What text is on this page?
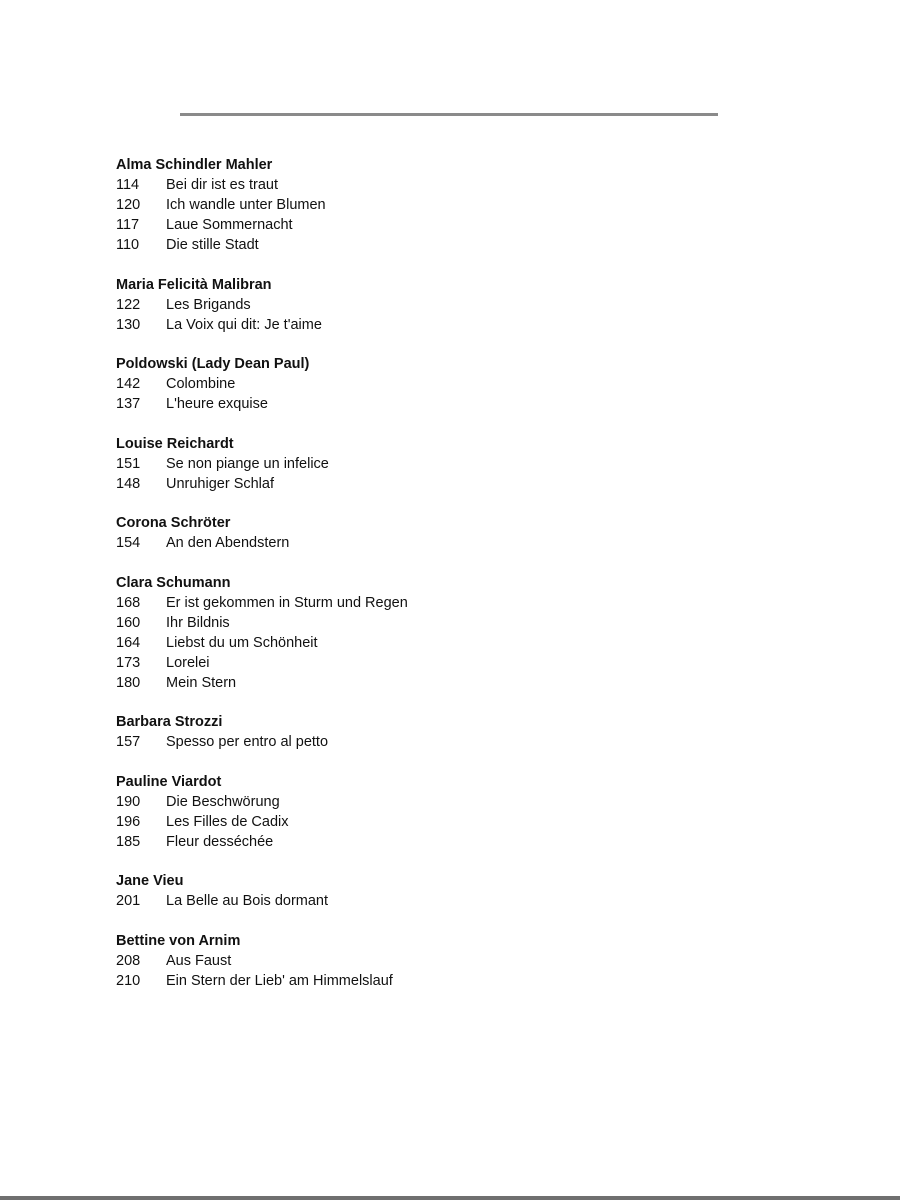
Alma Schindler Mahler
114	Bei dir ist es traut
120	Ich wandle unter Blumen
117	Laue Sommernacht
110	Die stille Stadt
Maria Felicità Malibran
122	Les Brigands
130	La Voix qui dit: Je t'aime
Poldowski (Lady Dean Paul)
142	Colombine
137	L'heure exquise
Louise Reichardt
151	Se non piange un infelice
148	Unruhiger Schlaf
Corona Schröter
154	An den Abendstern
Clara Schumann
168	Er ist gekommen in Sturm und Regen
160	Ihr Bildnis
164	Liebst du um Schönheit
173	Lorelei
180	Mein Stern
Barbara Strozzi
157	Spesso per entro al petto
Pauline Viardot
190	Die Beschwörung
196	Les Filles de Cadix
185	Fleur desséchée
Jane Vieu
201	La Belle au Bois dormant
Bettine von Arnim
208	Aus Faust
210	Ein Stern der Lieb' am Himmelslauf
